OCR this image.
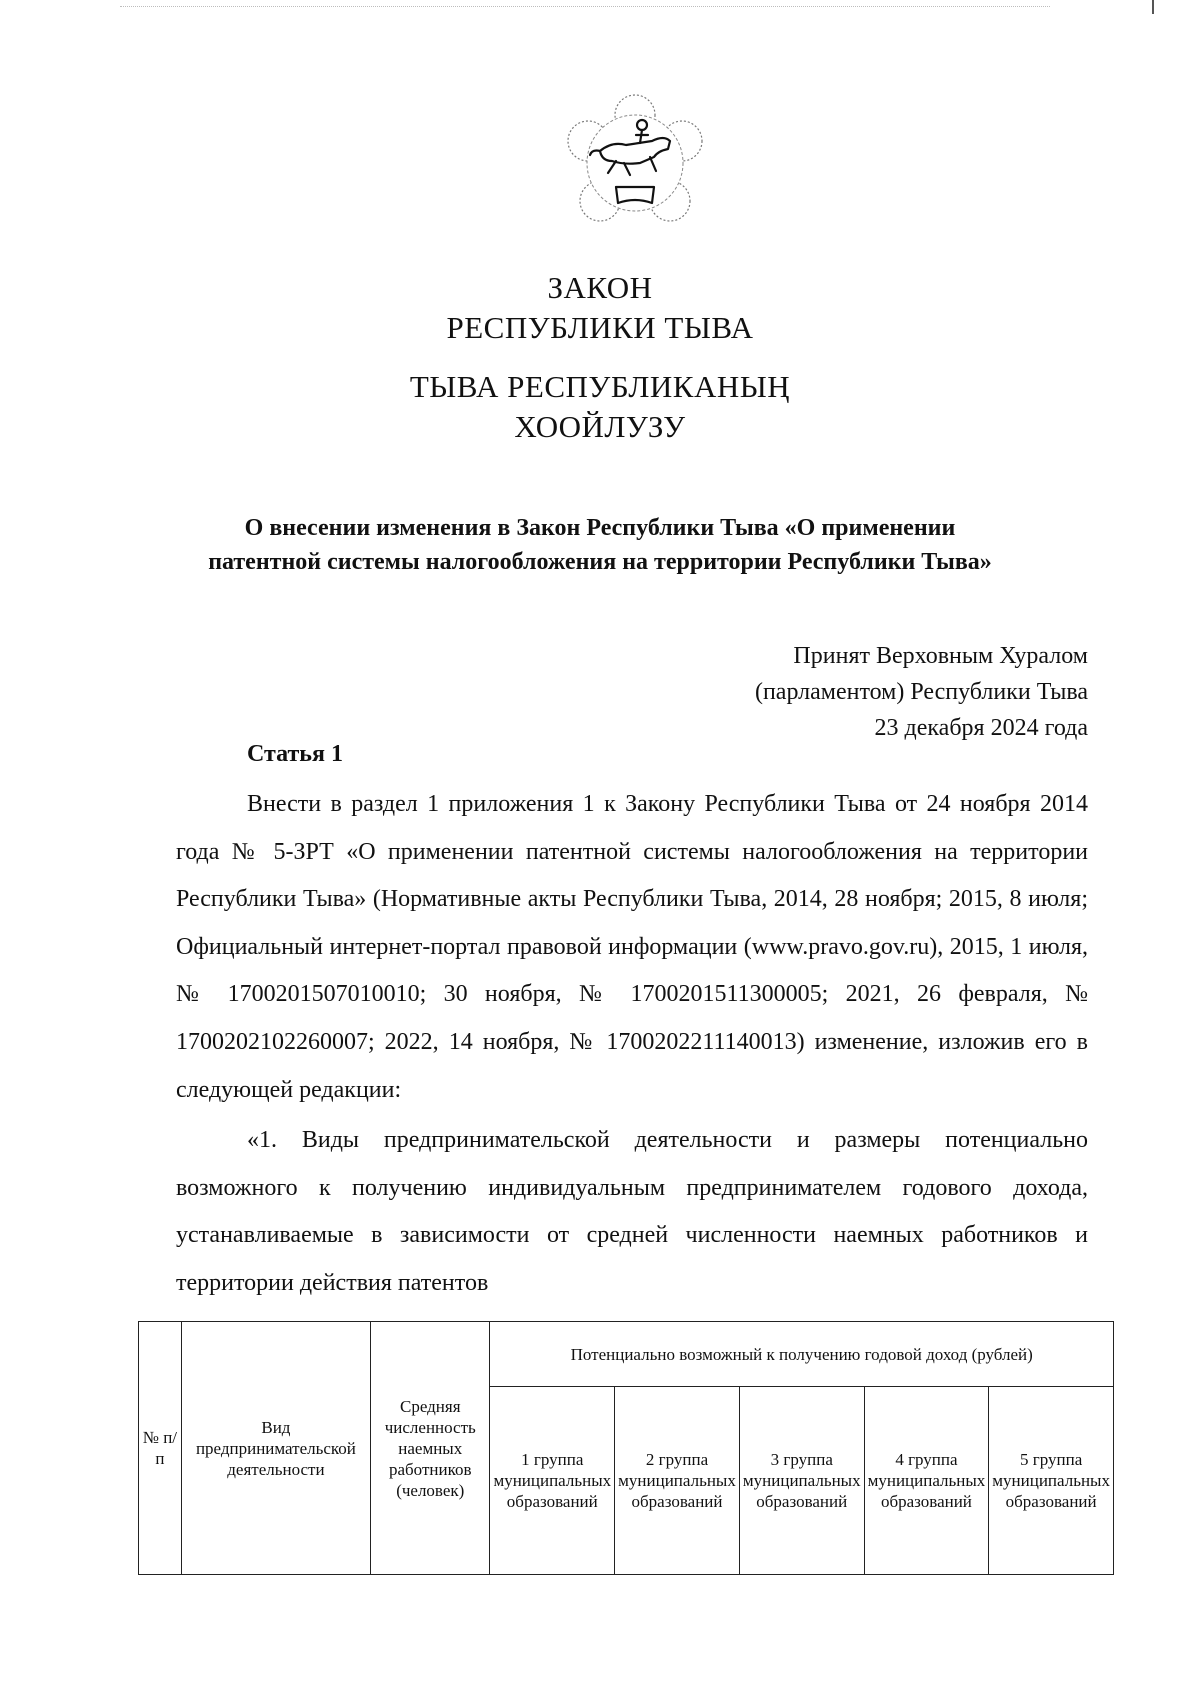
ЗАКОН
РЕСПУБЛИКИ ТЫВА
ТЫВА РЕСПУБЛИКАНЫҢ
ХООЙЛУЗУ
О внесении изменения в Закон Республики Тыва «О применении
патентной системы налогообложения на территории Республики Тыва»
Принят Верховным Хуралом
(парламентом) Республики Тыва
23 декабря 2024 года
Статья 1

Внести в раздел 1 приложения 1 к Закону Республики Тыва от 24 ноября 2014 года № 5-ЗРТ «О применении патентной системы налогообложения на территории Республики Тыва» (Нормативные акты Республики Тыва, 2014, 28 ноября; 2015, 8 июля; Официальный интернет-портал правовой информации (www.pravo.gov.ru), 2015, 1 июля, № 1700201507010010; 30 ноября, № 1700201511300005; 2021, 26 февраля, № 1700202102260007; 2022, 14 ноября, № 1700202211140013) изменение, изложив его в следующей редакции:

«1. Виды предпринимательской деятельности и размеры потенциально возможного к получению индивидуальным предпринимателем годового дохода, устанавливаемые в зависимости от средней численности наемных работников и территории действия патентов

№ п/п	Вид предпринимательской деятельности	Средняя численность наемных работников (человек)	Потенциально возможный к получению годовой доход (рублей)				
			1 группа муниципальных образований	2 группа муниципальных образований	3 группа муниципальных образований	4 группа муниципальных образований	5 группа муниципальных образований
